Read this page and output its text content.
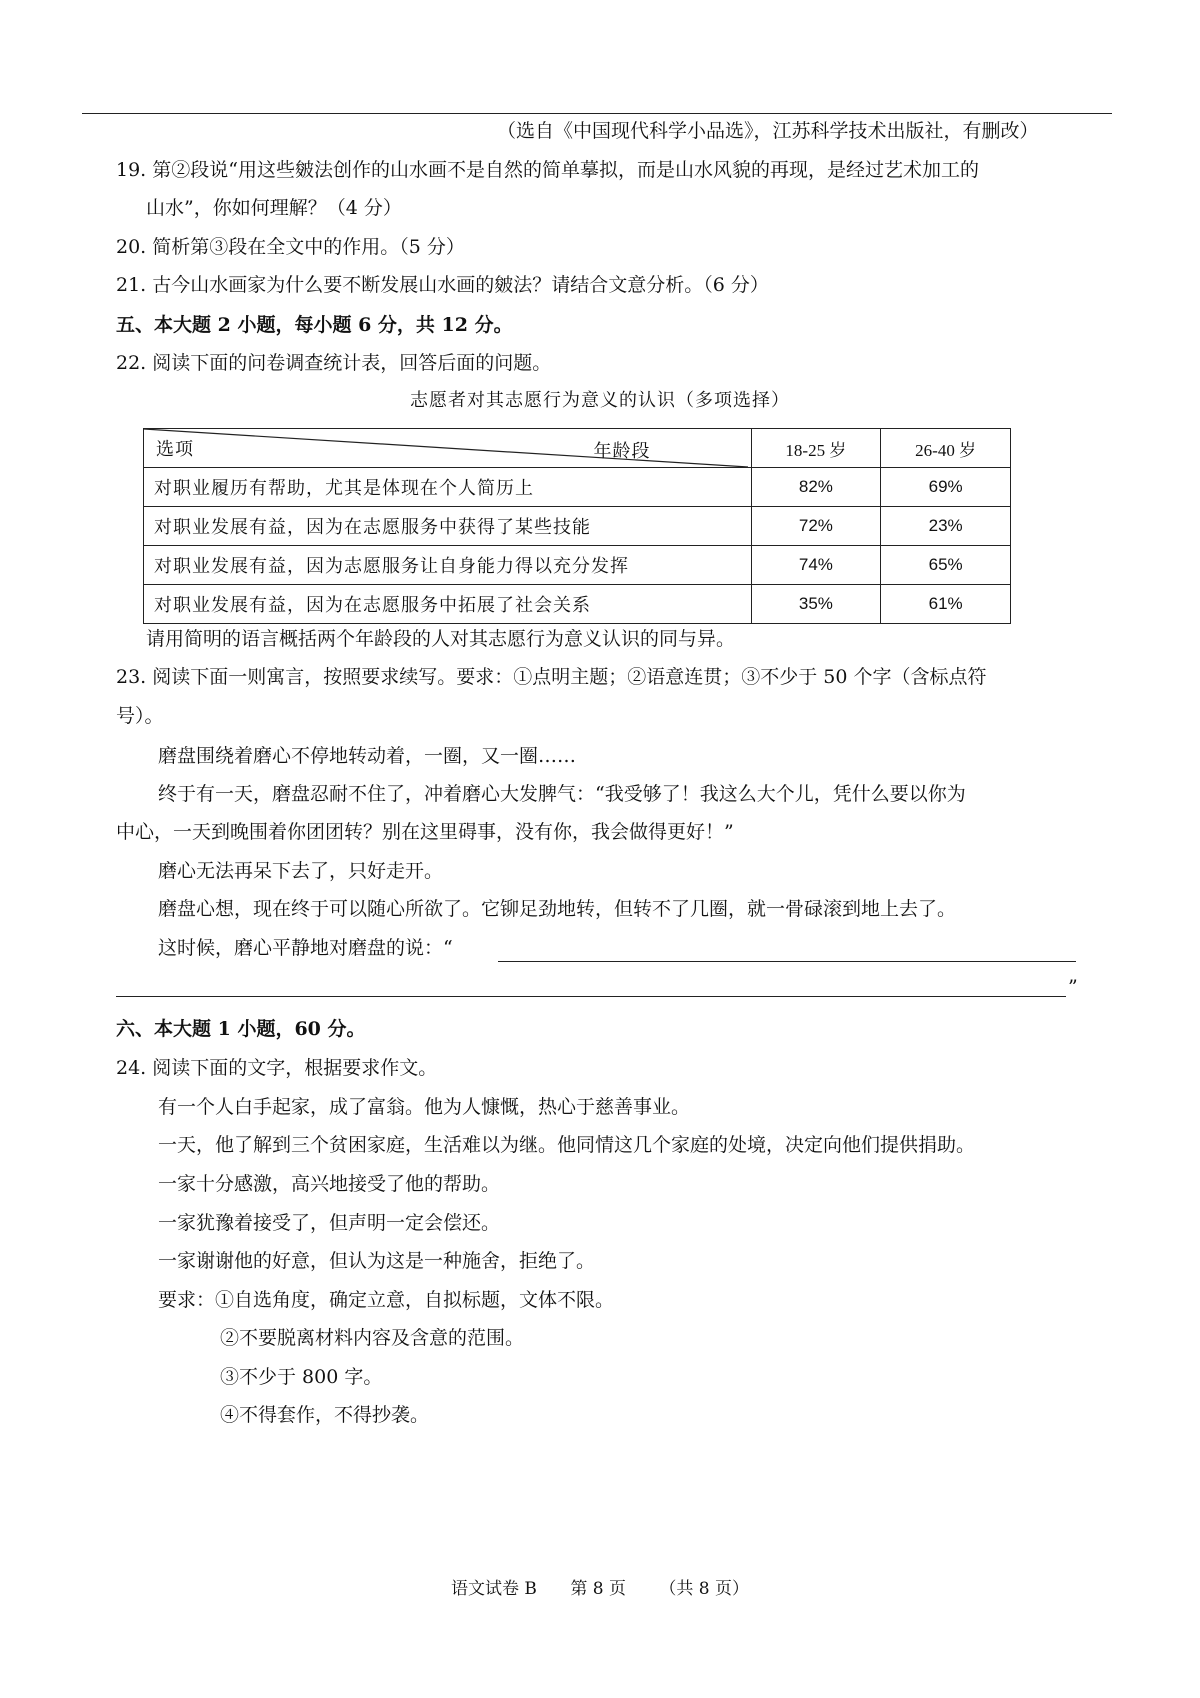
（选自《中国现代科学小品选》，江苏科学技术出版社，有删改）
19. 第②段说“用这些皴法创作的山水画不是自然的简单摹拟，而是山水风貌的再现，是经过艺术加工的
山水”，你如何理解？（4 分）
20. 简析第③段在全文中的作用。（5 分）
21. 古今山水画家为什么要不断发展山水画的皴法？请结合文意分析。（6 分）
五、本大题 2 小题，每小题 6 分，共 12 分。
22. 阅读下面的问卷调查统计表，回答后面的问题。
志愿者对其志愿行为意义的认识（多项选择）
选项 年龄段	18-25 岁	26-40 岁
对职业履历有帮助，尤其是体现在个人简历上	82%	69%
对职业发展有益，因为在志愿服务中获得了某些技能	72%	23%
对职业发展有益，因为志愿服务让自身能力得以充分发挥	74%	65%
对职业发展有益，因为在志愿服务中拓展了社会关系	35%	61%
请用简明的语言概括两个年龄段的人对其志愿行为意义认识的同与异。
23. 阅读下面一则寓言，按照要求续写。要求：①点明主题；②语意连贯；③不少于 50 个字（含标点符
号）。
磨盘围绕着磨心不停地转动着，一圈，又一圈……
终于有一天，磨盘忍耐不住了，冲着磨心大发脾气：“我受够了！我这么大个儿，凭什么要以你为
中心，一天到晚围着你团团转？别在这里碍事，没有你，我会做得更好！”
磨心无法再呆下去了，只好走开。
磨盘心想，现在终于可以随心所欲了。它铆足劲地转，但转不了几圈，就一骨碌滚到地上去了。
这时候，磨心平静地对磨盘的说：“
”
六、本大题 1 小题，60 分。
24. 阅读下面的文字，根据要求作文。
有一个人白手起家，成了富翁。他为人慷慨，热心于慈善事业。
一天，他了解到三个贫困家庭，生活难以为继。他同情这几个家庭的处境，决定向他们提供捐助。
一家十分感激，高兴地接受了他的帮助。
一家犹豫着接受了，但声明一定会偿还。
一家谢谢他的好意，但认为这是一种施舍，拒绝了。
要求：①自选角度，确定立意，自拟标题，文体不限。
②不要脱离材料内容及含意的范围。
③不少于 800 字。
④不得套作，不得抄袭。
语文试卷 B 第 8 页 （共 8 页）
